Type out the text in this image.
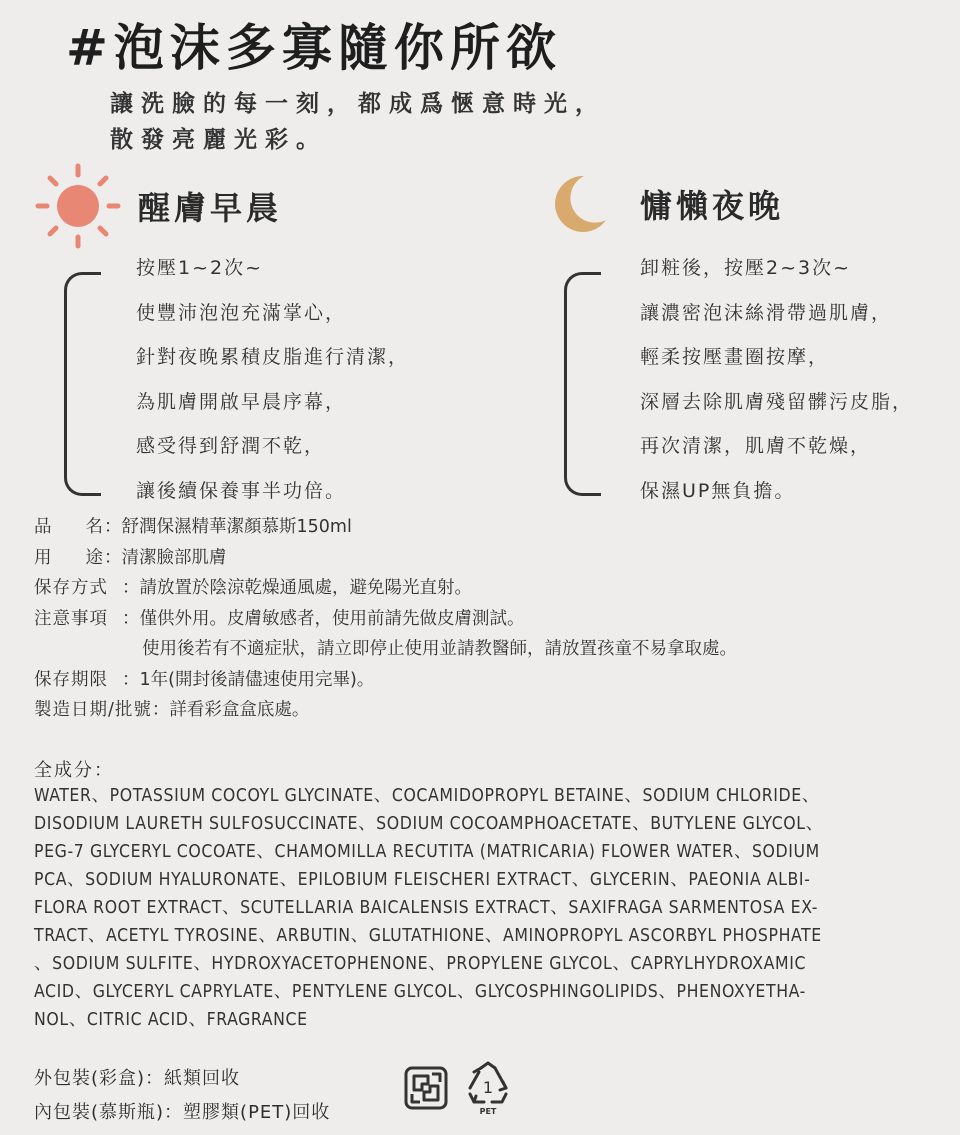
#泡沫多寡隨你所欲
讓洗臉的每一刻，都成爲愜意時光，
散發亮麗光彩。
醒膚早晨
按壓1~2次~
使豐沛泡泡充滿掌心，
針對夜晚累積皮脂進行清潔，
為肌膚開啟早晨序幕，
感受得到舒潤不乾，
讓後續保養事半功倍。
慵懶夜晚
卸粧後，按壓2~3次~
讓濃密泡沫絲滑帶過肌膚，
輕柔按壓畫圈按摩，
深層去除肌膚殘留髒污皮脂，
再次清潔，肌膚不乾燥，
保濕UP無負擔。
品 名 ：舒潤保濕精華潔顏慕斯150ml
用 途 ：清潔臉部肌膚
保存方式 ：請放置於陰涼乾燥通風處，避免陽光直射。
注意事項 ：僅供外用。皮膚敏感者，使用前請先做皮膚測試。
使用後若有不適症狀，請立即停止使用並請教醫師，請放置孩童不易拿取處。
保存期限 ：1年(開封後請儘速使用完畢)。
製造日期/批號 ：詳看彩盒盒底處。
全成分：
WATER、POTASSIUM COCOYL GLYCINATE、COCAMIDOPROPYL BETAINE、SODIUM CHLORIDE、
DISODIUM LAURETH SULFOSUCCINATE、SODIUM COCOAMPHOACETATE、BUTYLENE GLYCOL、
PEG-7 GLYCERYL COCOATE、CHAMOMILLA RECUTITA (MATRICARIA) FLOWER WATER、SODIUM
PCA、SODIUM HYALURONATE、EPILOBIUM FLEISCHERI EXTRACT、GLYCERIN、PAEONIA ALBI-
FLORA ROOT EXTRACT、SCUTELLARIA BAICALENSIS EXTRACT、SAXIFRAGA SARMENTOSA EX-
TRACT、ACETYL TYROSINE、ARBUTIN、GLUTATHIONE、AMINOPROPYL ASCORBYL PHOSPHATE
、SODIUM SULFITE、HYDROXYACETOPHENONE、PROPYLENE GLYCOL、CAPRYLHYDROXAMIC
ACID、GLYCERYL CAPRYLATE、PENTYLENE GLYCOL、GLYCOSPHINGOLIPIDS、PHENOXYETHA-
NOL、CITRIC ACID、FRAGRANCE
外包裝(彩盒)：紙類回收
內包裝(慕斯瓶)：塑膠類(PET)回收
1
PET
